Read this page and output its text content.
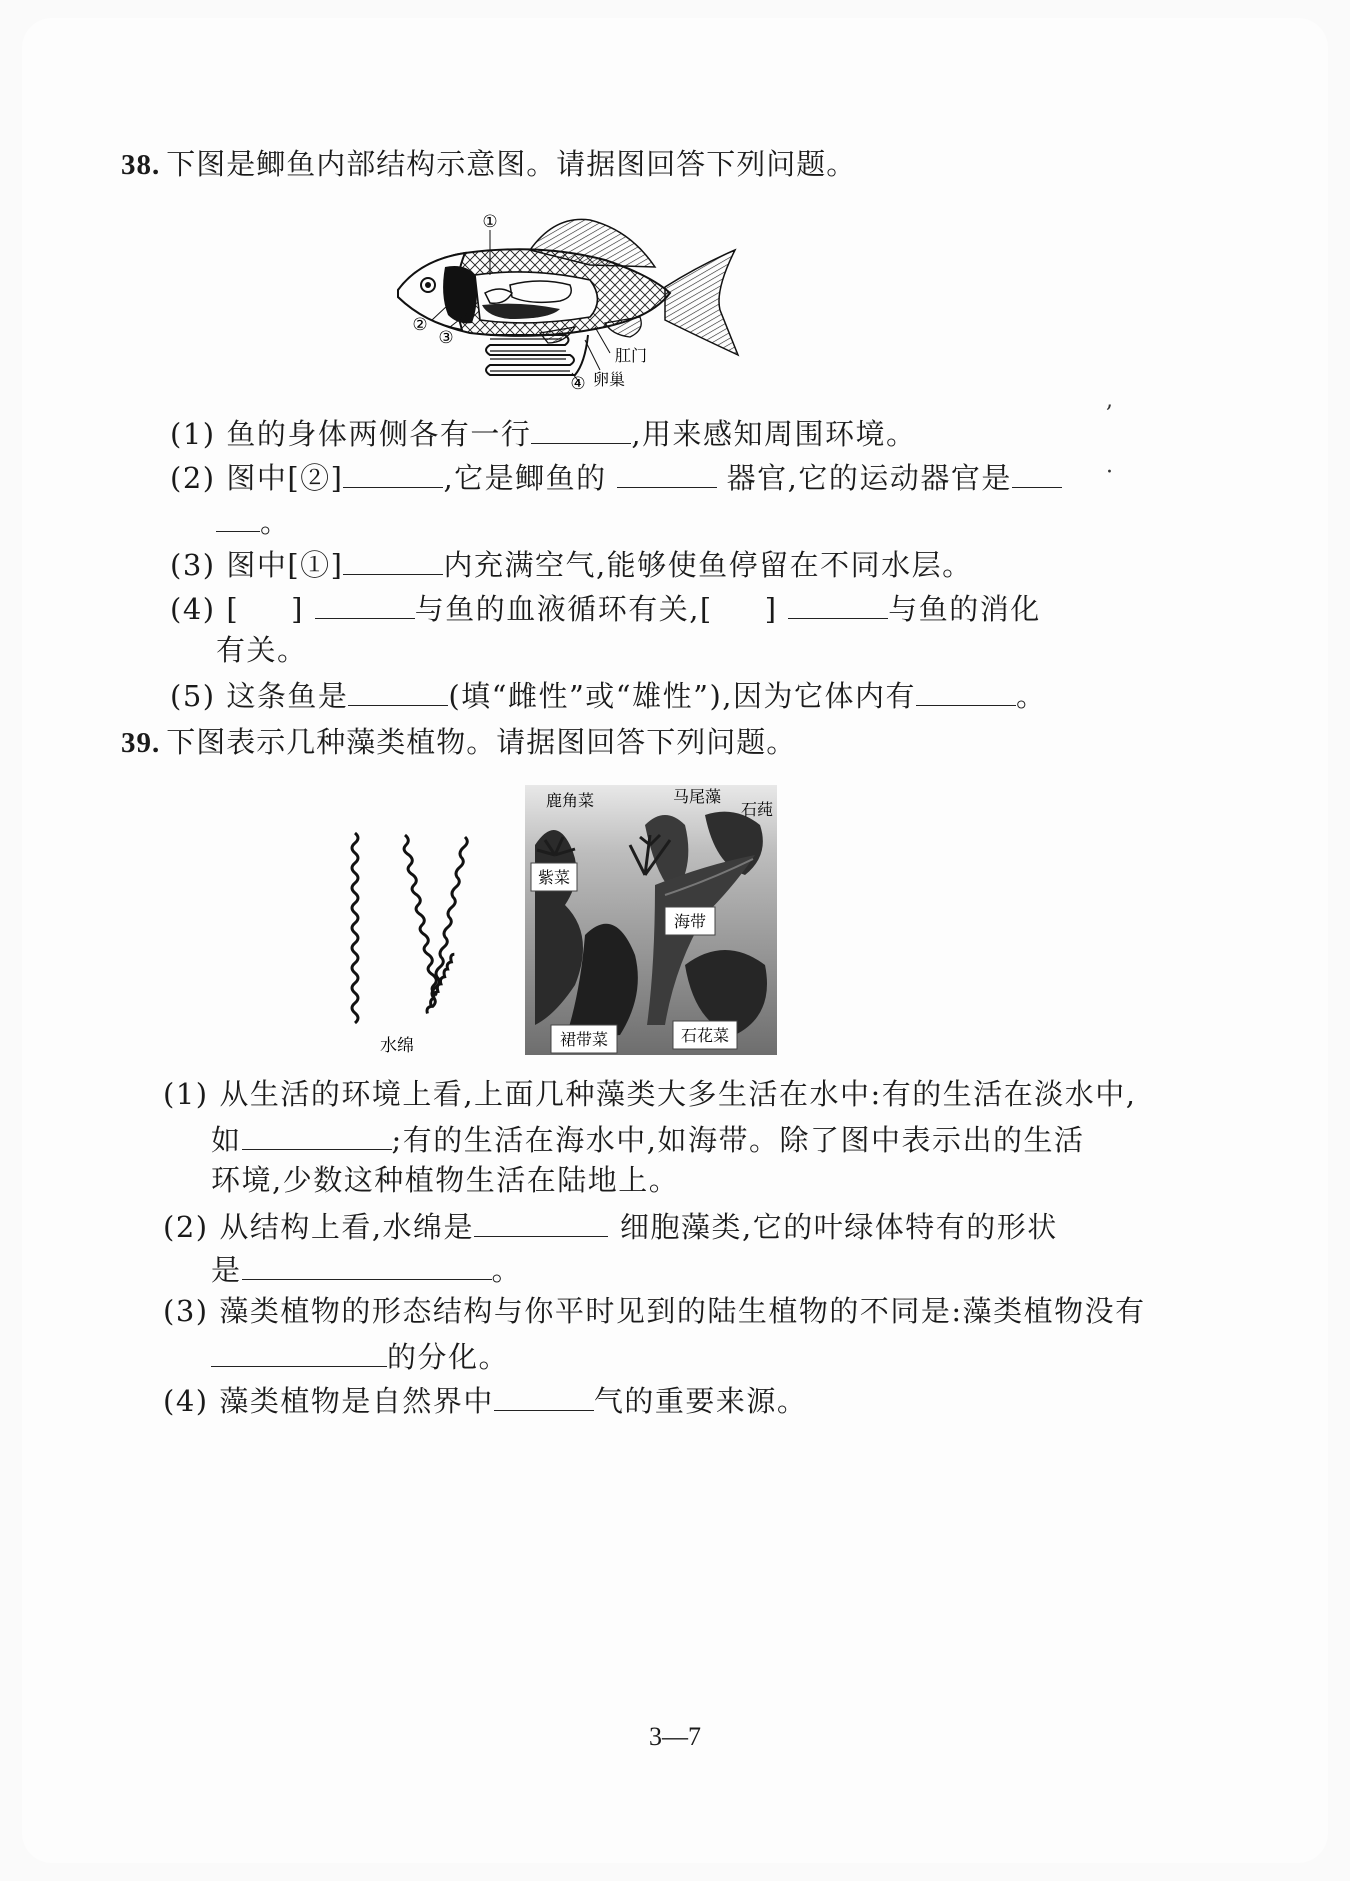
38. 下图是鲫鱼内部结构示意图。请据图回答下列问题。
①
②
③
肛门
④ 卵巢
(1) 鱼的身体两侧各有一行	,用来感知周围环境。
(2) 图中[②]	,它是鲫鱼的	器官,它的运动器官是
。
(3) 图中[①]	内充满空气,能够使鱼停留在不同水层。
(4) [ ]	与鱼的血液循环有关,[ ]	与鱼的消化
有关。
(5) 这条鱼是	(填“雌性”或“雄性”),因为它体内有	。
39. 下图表示几种藻类植物。请据图回答下列问题。
水绵
鹿角菜	马尾藻
石莼
紫菜
海带
裙带菜	石花菜
(1) 从生活的环境上看,上面几种藻类大多生活在水中:有的生活在淡水中,
如	;有的生活在海水中,如海带。除了图中表示出的生活
环境,少数这种植物生活在陆地上。
(2) 从结构上看,水绵是	细胞藻类,它的叶绿体特有的形状
是	。
(3) 藻类植物的形态结构与你平时见到的陆生植物的不同是:藻类植物没有
的分化。
(4) 藻类植物是自然界中	气的重要来源。
3—7
,
·
